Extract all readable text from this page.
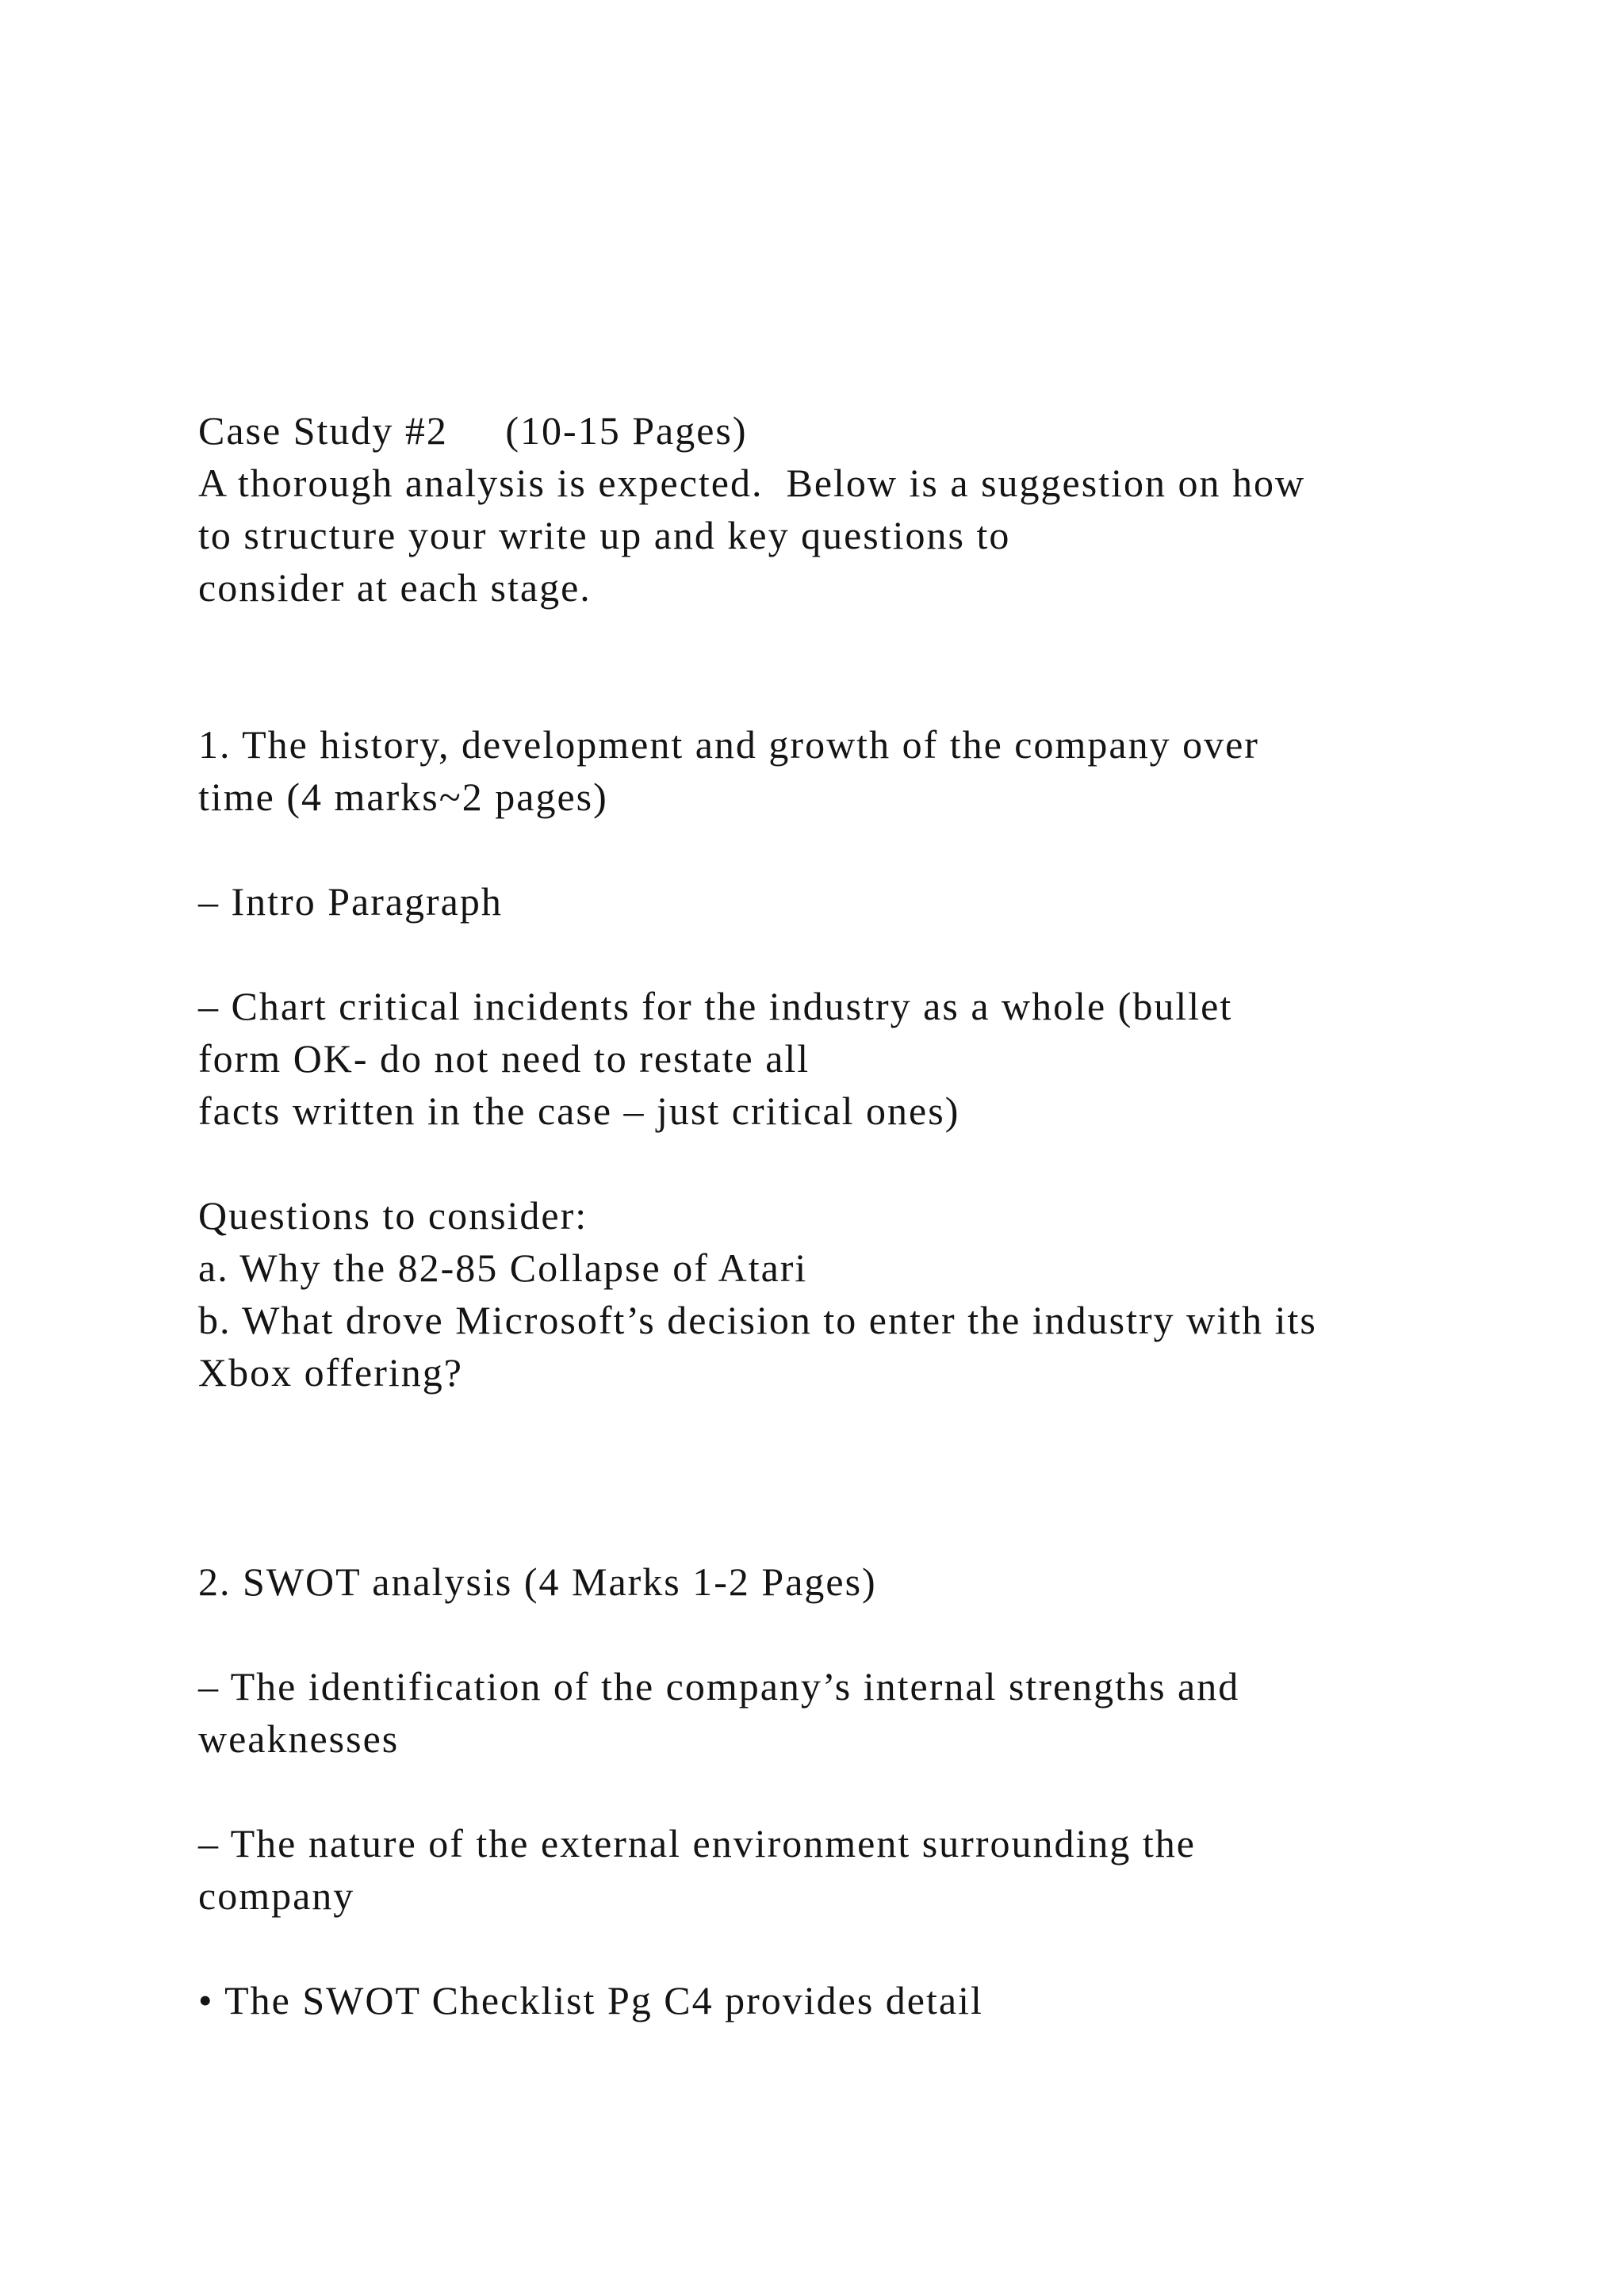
Case Study #2     (10-15 Pages)
A thorough analysis is expected.  Below is a suggestion on how
to structure your write up and key questions to
consider at each stage.
1. The history, development and growth of the company over
time (4 marks~2 pages)
– Intro Paragraph
– Chart critical incidents for the industry as a whole (bullet
form OK- do not need to restate all
facts written in the case – just critical ones)
Questions to consider:
a. Why the 82-85 Collapse of Atari
b. What drove Microsoft’s decision to enter the industry with its
Xbox offering?
2. SWOT analysis (4 Marks 1-2 Pages)
– The identification of the company’s internal strengths and
weaknesses
– The nature of the external environment surrounding the
company
• The SWOT Checklist Pg C4 provides detail
